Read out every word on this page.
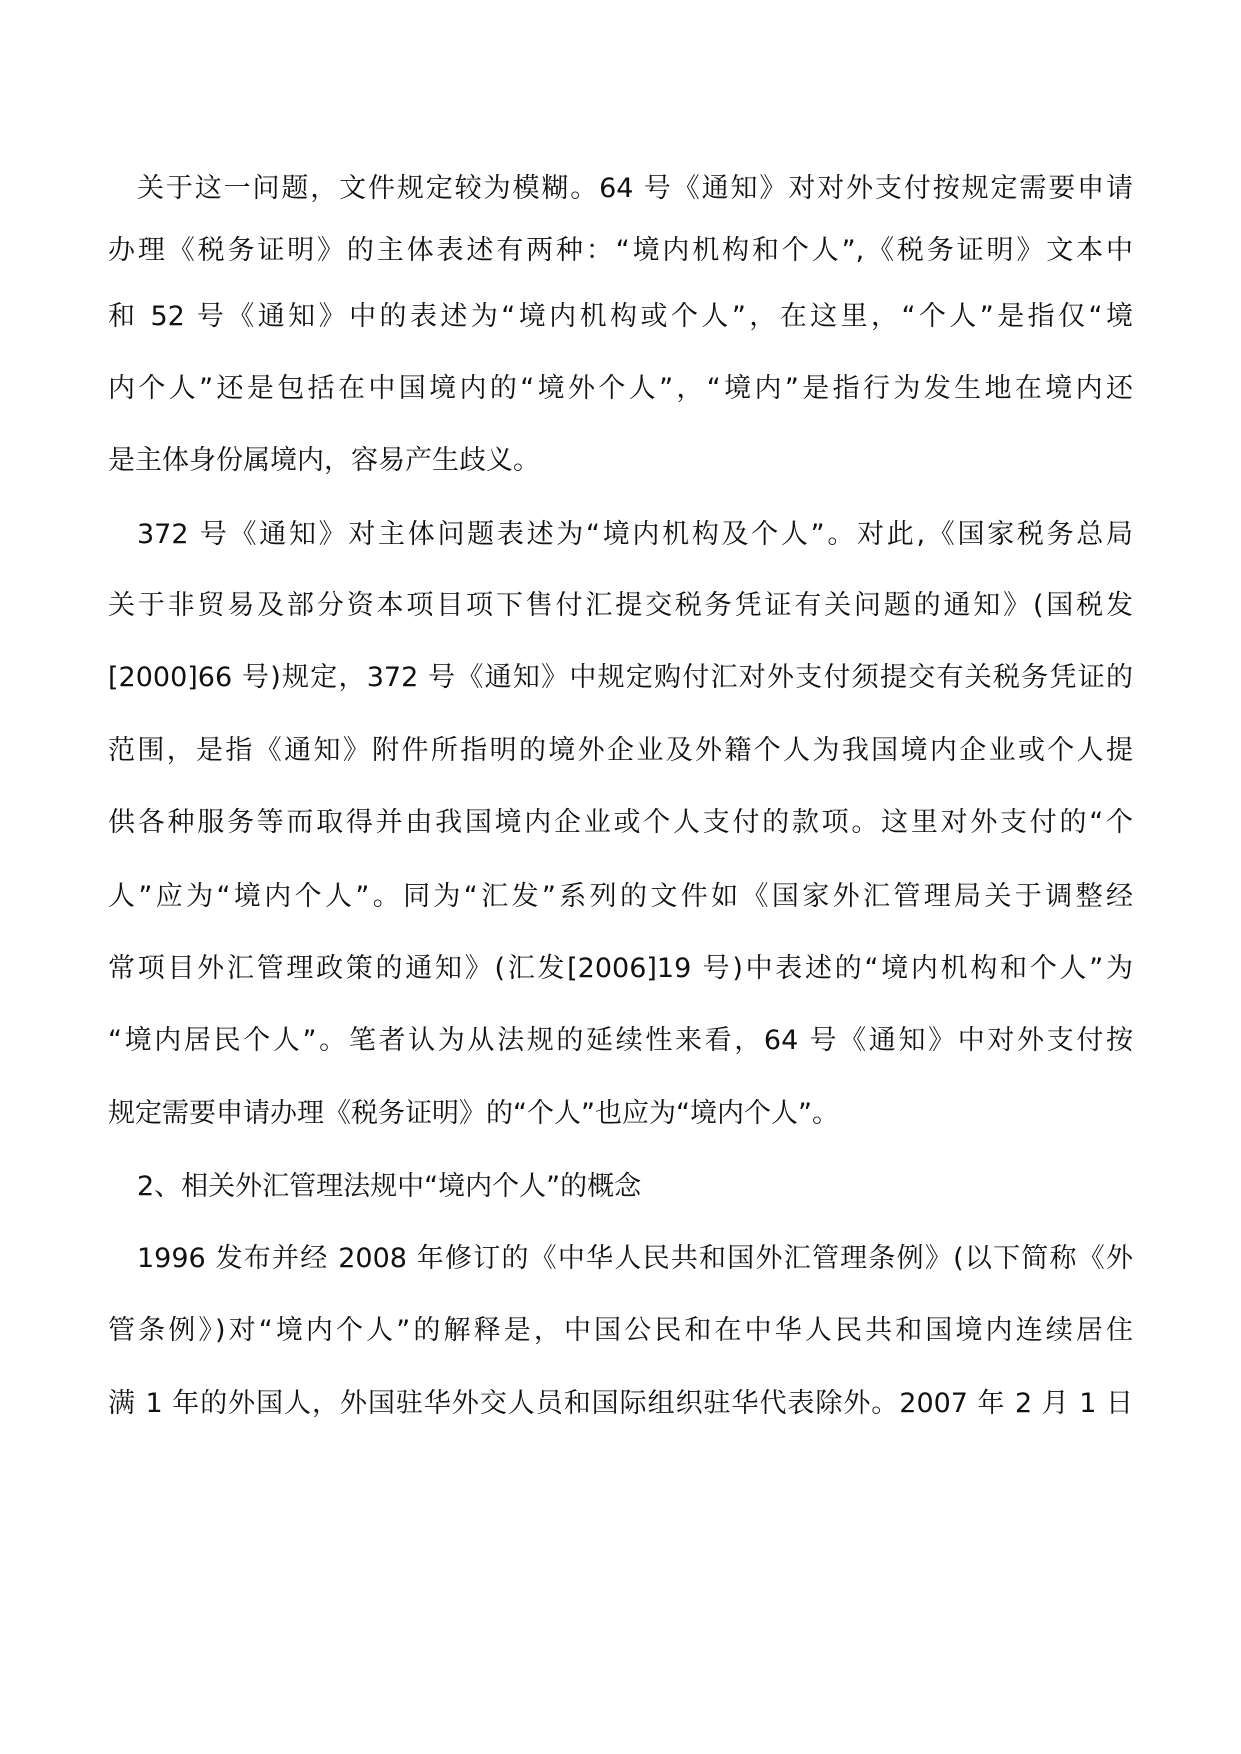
关于这一问题，文件规定较为模糊。64 号《通知》对对外支付按规定需要申请
办理《税务证明》的主体表述有两种：“境内机构和个人”,《税务证明》文本中
和 52 号《通知》中的表述为“境内机构或个人”，在这里，“个人”是指仅“境
内个人”还是包括在中国境内的“境外个人”，“境内”是指行为发生地在境内还
是主体身份属境内，容易产生歧义。
372 号《通知》对主体问题表述为“境内机构及个人”。对此,《国家税务总局
关于非贸易及部分资本项目项下售付汇提交税务凭证有关问题的通知》(国税发
[2000]66 号)规定，372 号《通知》中规定购付汇对外支付须提交有关税务凭证的
范围，是指《通知》附件所指明的境外企业及外籍个人为我国境内企业或个人提
供各种服务等而取得并由我国境内企业或个人支付的款项。这里对外支付的“个
人”应为“境内个人”。同为“汇发”系列的文件如《国家外汇管理局关于调整经
常项目外汇管理政策的通知》(汇发[2006]19 号)中表述的“境内机构和个人”为
“境内居民个人”。笔者认为从法规的延续性来看，64 号《通知》中对外支付按
规定需要申请办理《税务证明》的“个人”也应为“境内个人”。
2、相关外汇管理法规中“境内个人”的概念
1996 发布并经 2008 年修订的《中华人民共和国外汇管理条例》(以下简称《外
管条例》)对“境内个人”的解释是，中国公民和在中华人民共和国境内连续居住
满 1 年的外国人，外国驻华外交人员和国际组织驻华代表除外。2007 年 2 月 1 日
